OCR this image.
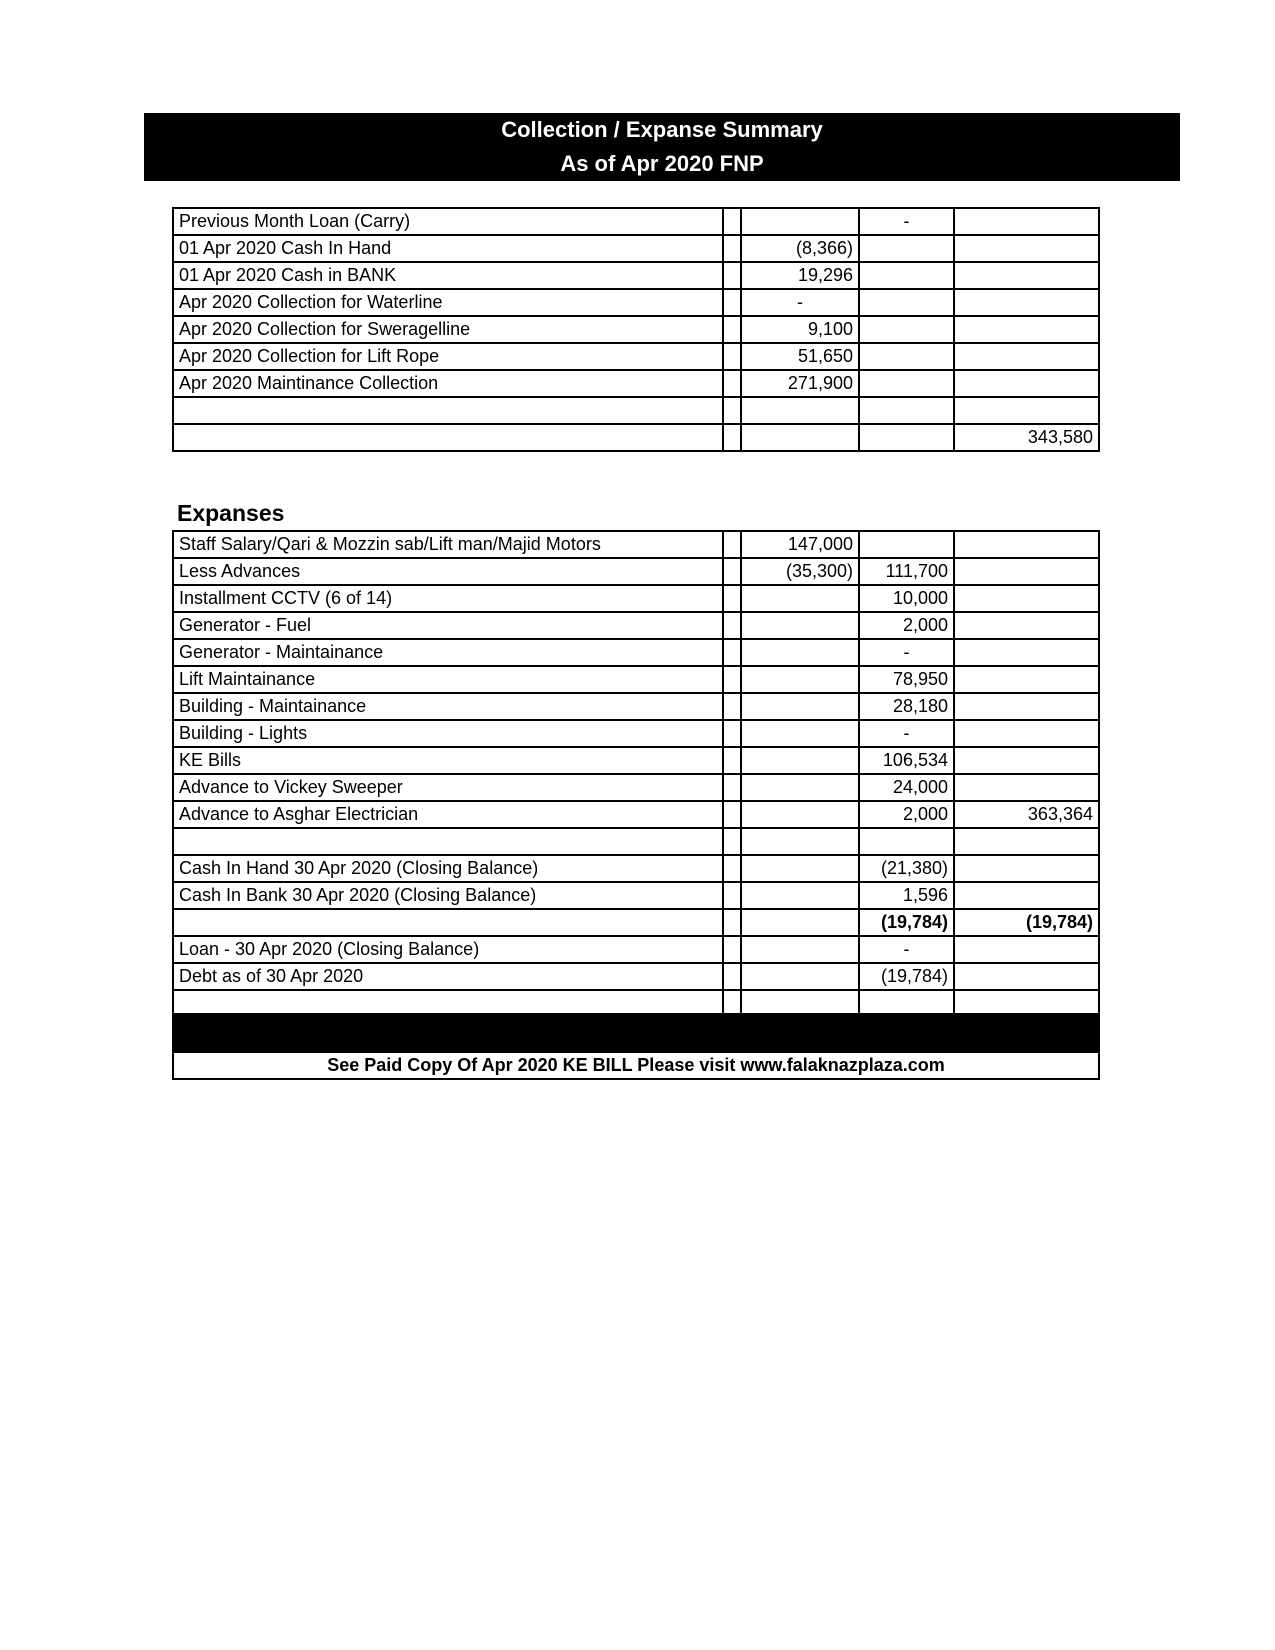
Collection / Expanse Summary
As of Apr 2020 FNP
Previous Month Loan (Carry)			-	
01 Apr 2020 Cash In Hand		(8,366)		
01 Apr 2020 Cash in BANK		19,296		
Apr 2020 Collection for Waterline		-		
Apr 2020 Collection for Sweragelline		9,100		
Apr 2020 Collection for Lift Rope		51,650		
Apr 2020 Maintinance Collection		271,900		

				343,580
Expanses
Staff Salary/Qari & Mozzin sab/Lift man/Majid Motors		147,000		
Less Advances		(35,300)	111,700	
Installment CCTV (6 of 14)			10,000	
Generator - Fuel			2,000	
Generator - Maintainance			-	
Lift Maintainance			78,950	
Building - Maintainance			28,180	
Building - Lights			-	
KE Bills			106,534	
Advance to Vickey Sweeper			24,000	
Advance to Asghar Electrician			2,000	363,364

Cash In Hand 30 Apr 2020 (Closing Balance)			(21,380)	
Cash In Bank 30 Apr 2020 (Closing Balance)			1,596	
			(19,784)	(19,784)
Loan - 30 Apr 2020 (Closing Balance)			-	
Debt as of 30 Apr 2020			(19,784)	

See Paid Copy Of Apr 2020 KE BILL Please visit www.falaknazplaza.com				
